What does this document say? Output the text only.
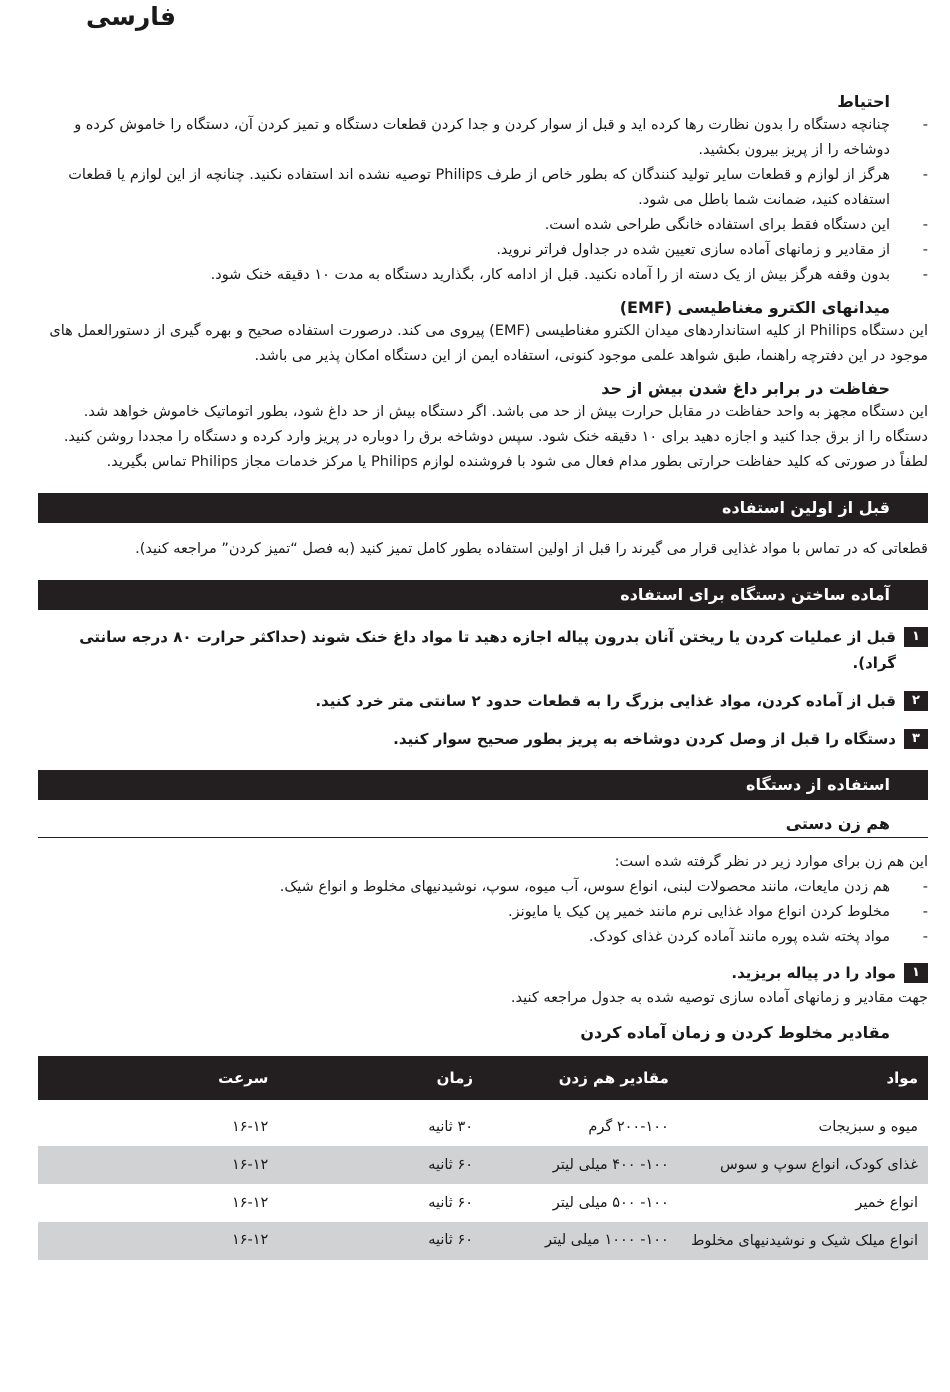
فارسی
احتیاط
- چنانچه دستگاه را بدون نظارت رها کرده اید و قبل از سوار کردن و جدا کردن قطعات دستگاه و تمیز کردن آن، دستگاه را خاموش کرده و دوشاخه را از پریز بیرون بکشید.
- هرگز از لوازم و قطعات سایر تولید کنندگان که بطور خاص از طرف Philips توصیه نشده اند استفاده نکنید. چنانچه از این لوازم یا قطعات استفاده کنید، ضمانت شما باطل می شود.
- این دستگاه فقط برای استفاده خانگی طراحی شده است.
- از مقادیر و زمانهای آماده سازی تعیین شده در جداول فراتر نروید.
- بدون وقفه هرگز بیش از یک دسته از را آماده نکنید. قبل از ادامه کار، بگذارید دستگاه به مدت ۱۰ دقیقه خنک شود.
میدانهای الکترو مغناطیسی (EMF)

این دستگاه Philips از کلیه استانداردهای میدان الکترو مغناطیسی (EMF) پیروی می کند. درصورت استفاده صحیح و بهره گیری از دستورالعمل های موجود در این دفترچه راهنما، طبق شواهد علمی موجود کنونی، استفاده ایمن از این دستگاه امکان پذیر می باشد.

حفاظت در برابر داغ شدن بیش از حد

این دستگاه مجهز به واحد حفاظت در مقابل حرارت بیش از حد می باشد. اگر دستگاه بیش از حد داغ شود، بطور اتوماتیک خاموش خواهد شد. دستگاه را از برق جدا کنید و اجازه دهید برای ۱۰ دقیقه خنک شود. سپس دوشاخه برق را دوباره در پریز وارد کرده و دستگاه را مجددا روشن کنید. لطفاً در صورتی که کلید حفاظت حرارتی بطور مدام فعال می شود با فروشنده لوازم Philips یا مرکز خدمات مجاز Philips تماس بگیرید.

قبل از اولین استفاده

قطعاتی که در تماس با مواد غذایی قرار می گیرند را قبل از اولین استفاده بطور کامل تمیز کنید (به فصل “تمیز کردن” مراجعه کنید).

آماده ساختن دستگاه برای استفاده
۱
قبل از عملیات کردن یا ریختن آنان بدرون پیاله اجازه دهید تا مواد داغ خنک شوند (حداکثر حرارت ۸۰ درجه سانتی گراد).
۲
قبل از آماده کردن، مواد غذایی بزرگ را به قطعات حدود ۲ سانتی متر خرد کنید.
۳
دستگاه را قبل از وصل کردن دوشاخه به پریز بطور صحیح سوار کنید.
استفاده از دستگاه
هم زن دستی

این هم زن برای موارد زیر در نظر گرفته شده است:

- هم زدن مایعات، مانند محصولات لبنی، انواع سوس، آب میوه، سوپ، نوشیدنیهای مخلوط و انواع شیک.
- مخلوط کردن انواع مواد غذایی نرم مانند خمیر پن کیک یا مایونز.
- مواد پخته شده پوره مانند آماده کردن غذای کودک.
۱
مواد را در پیاله بریزید.

جهت مقادیر و زمانهای آماده سازی توصیه شده به جدول مراجعه کنید.

مقادیر مخلوط کردن و زمان آماده کردن
مواد	مقادیر هم زدن	زمان	سرعت
میوه و سبزیجات	۲۰۰-۱۰۰ گرم	۳۰ ثانیه	۱۶-۱۲
غذای کودک، انواع سوپ و سوس	۱۰۰- ۴۰۰ میلی لیتر	۶۰ ثانیه	۱۶-۱۲
انواع خمیر	۱۰۰- ۵۰۰ میلی لیتر	۶۰ ثانیه	۱۶-۱۲
انواع میلک شیک و نوشیدنیهای مخلوط	۱۰۰- ۱۰۰۰ میلی لیتر	۶۰ ثانیه	۱۶-۱۲
